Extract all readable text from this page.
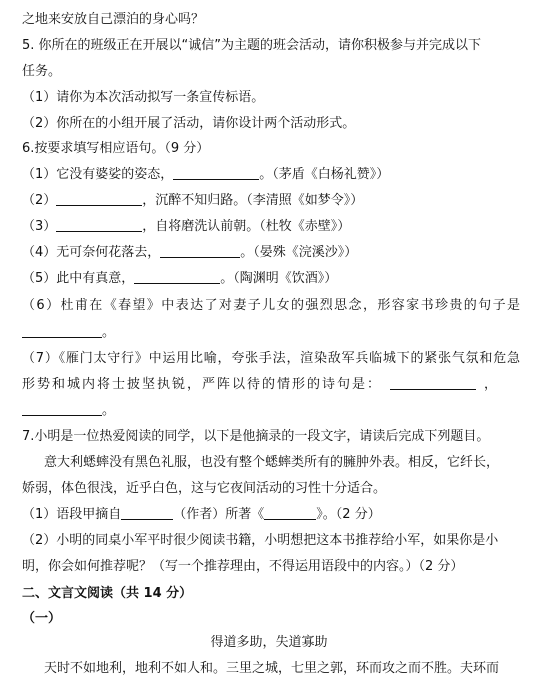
之地来安放自己漂泊的身心吗？
5. 你所在的班级正在开展以“诚信”为主题的班会活动，请你积极参与并完成以下
任务。
（1）请你为本次活动拟写一条宣传标语。
（2）你所在的小组开展了活动，请你设计两个活动形式。
6.按要求填写相应语句。（9 分）
（1）它没有婆娑的姿态，	。（茅盾《白杨礼赞》）
（2）	，沉醉不知归路。（李清照《如梦令》）
（3）	，自将磨洗认前朝。（杜牧《赤壁》）
（4）无可奈何花落去，	。（晏殊《浣溪沙》）
（5）此中有真意，	。（陶渊明《饮酒》）
（6）杜甫在《春望》中表达了对妻子儿女的强烈思念，形容家书珍贵的句子是
。
（7）《雁门太守行》中运用比喻，夸张手法，渲染敌军兵临城下的紧张气氛和危急
形势和城内将士披坚执锐，严阵以待的情形的诗句是：	，
。
7.小明是一位热爱阅读的同学，以下是他摘录的一段文字，请读后完成下列题目。
意大利蟋蟀没有黑色礼服，也没有整个蟋蟀类所有的臃肿外表。相反，它纤长，
娇弱，体色很浅，近乎白色，这与它夜间活动的习性十分适合。
（1）语段甲摘自	（作者）所著《	》。（2 分）
（2）小明的同桌小军平时很少阅读书籍，小明想把这本书推荐给小军，如果你是小
明，你会如何推荐呢？（写一个推荐理由，不得运用语段中的内容。）（2 分）
二、文言文阅读（共 14 分）
（一）
得道多助，失道寡助
天时不如地利，地利不如人和。三里之城，七里之郭，环而攻之而不胜。夫环而
